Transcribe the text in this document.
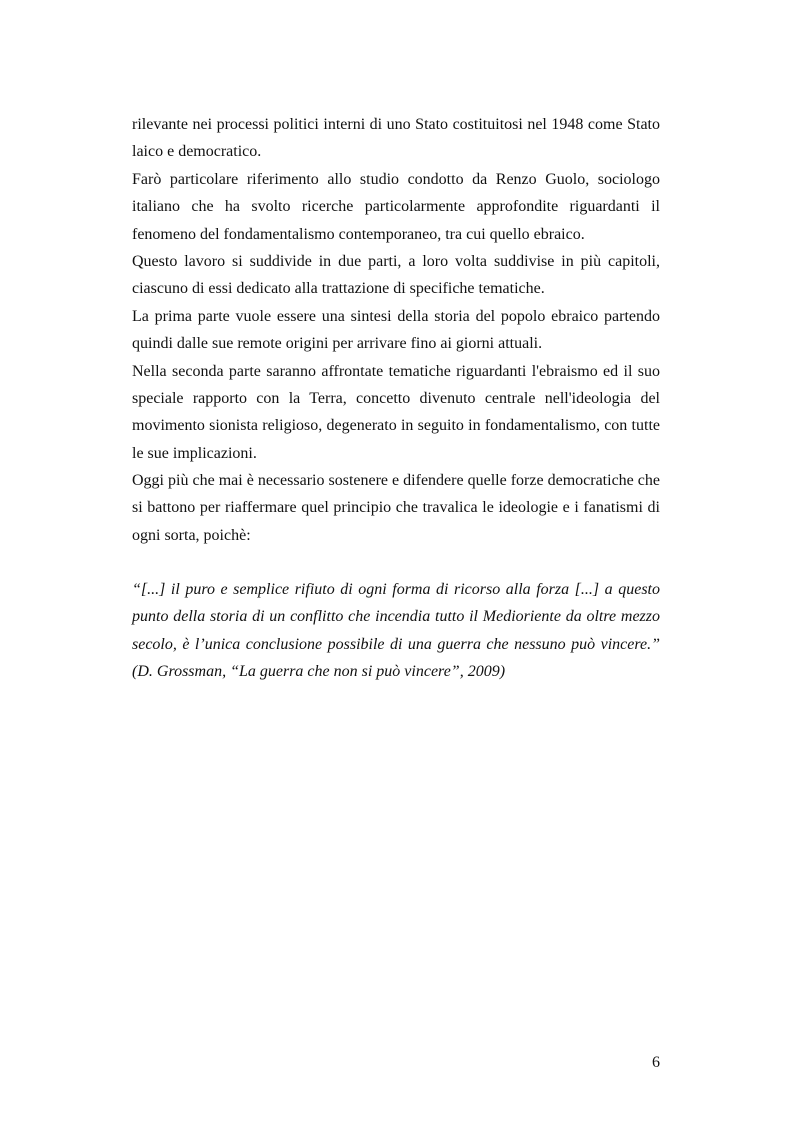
rilevante nei processi politici interni di uno Stato costituitosi nel 1948 come Stato
laico e democratico.
Farò particolare riferimento allo studio condotto da Renzo Guolo, sociologo
italiano che ha svolto ricerche particolarmente approfondite riguardanti il
fenomeno del fondamentalismo contemporaneo, tra cui quello ebraico.
Questo lavoro si suddivide in due parti, a loro volta suddivise in più capitoli,
ciascuno di essi dedicato alla trattazione di specifiche tematiche.
La prima parte vuole essere una sintesi della storia del popolo ebraico partendo
quindi dalle sue remote origini per arrivare fino ai giorni attuali.
Nella seconda parte saranno affrontate tematiche riguardanti l'ebraismo ed il suo
speciale rapporto con la Terra, concetto divenuto centrale nell'ideologia del
movimento sionista religioso, degenerato in seguito in fondamentalismo, con tutte
le sue implicazioni.
Oggi più che mai è necessario sostenere e difendere quelle forze democratiche che
si battono per riaffermare quel principio che travalica le ideologie e i fanatismi di
ogni sorta, poichè:
“[...] il puro e semplice rifiuto di ogni forma di ricorso alla forza [...] a questo
punto della storia di un conflitto che incendia tutto il Medioriente da oltre mezzo
secolo, è l’unica conclusione possibile di una guerra che nessuno può vincere.”
(D. Grossman, “La guerra che non si può vincere”, 2009)
6
